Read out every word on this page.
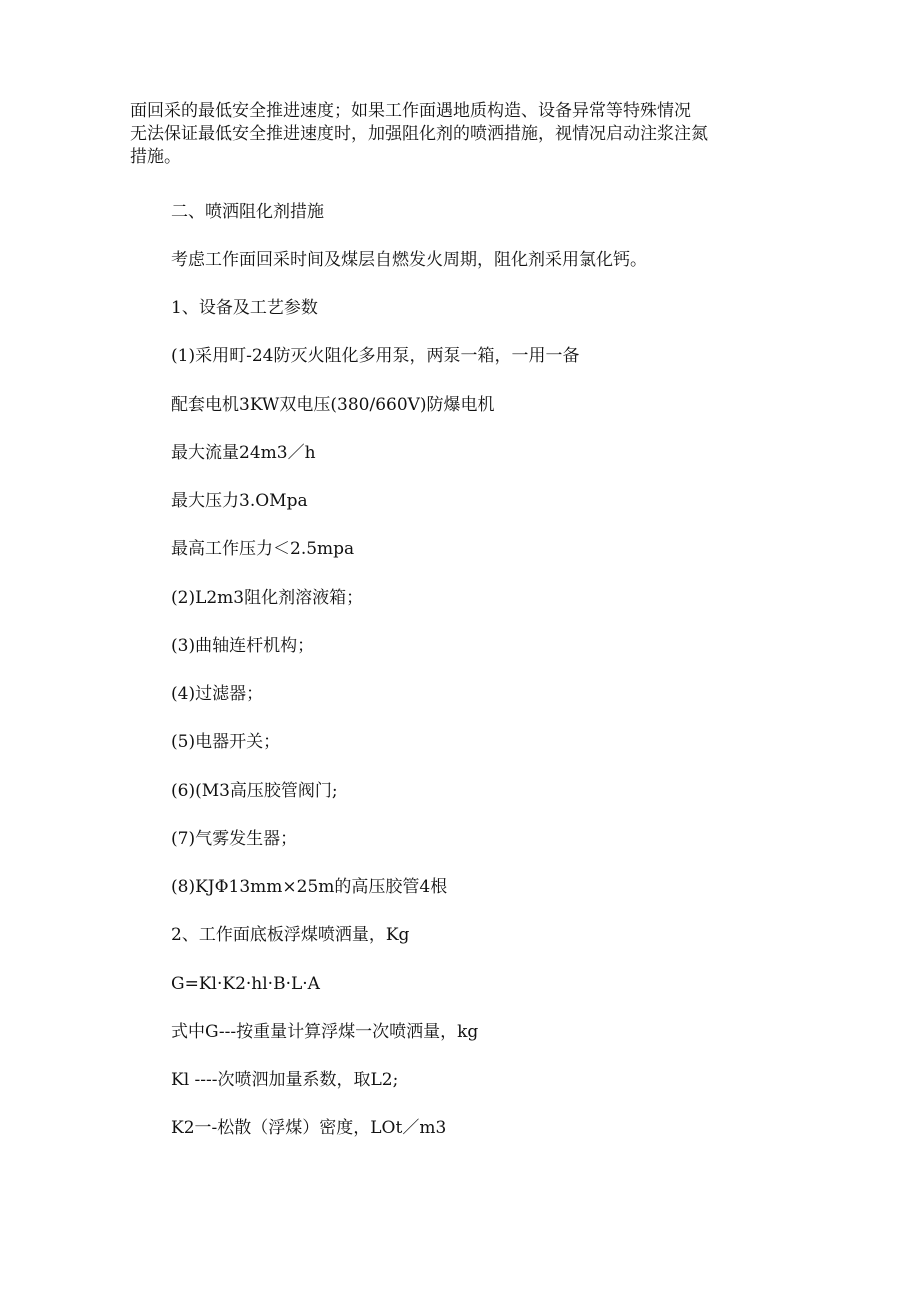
面回采的最低安全推进速度；如果工作面遇地质构造、设备异常等特殊情况
无法保证最低安全推进速度时，加强阻化剂的喷洒措施，视情况启动注浆注氮
措施。

二、喷洒阻化剂措施

考虑工作面回采时间及煤层自燃发火周期，阻化剂采用氯化钙。

1、设备及工艺参数

(1)采用町-24防灭火阻化多用泵，两泵一箱，一用一备

配套电机3KW双电压(380/660V)防爆电机

最大流量24m3／h

最大压力3.OMpa

最高工作压力＜2.5mpa

(2)L2m3阻化剂溶液箱；

(3)曲轴连杆机构；

(4)过滤器；

(5)电器开关；

(6)(M3高压胶管阀门;

(7)气雾发生器；

(8)KJΦ13mm×25m的高压胶管4根

2、工作面底板浮煤喷洒量，Kg

G=Kl·K2·hl·B·L·A

式中G---按重量计算浮煤一次喷洒量，kg

Kl ----次喷泗加量系数，取L2;

K2一-松散（浮煤）密度，LOt／m3
